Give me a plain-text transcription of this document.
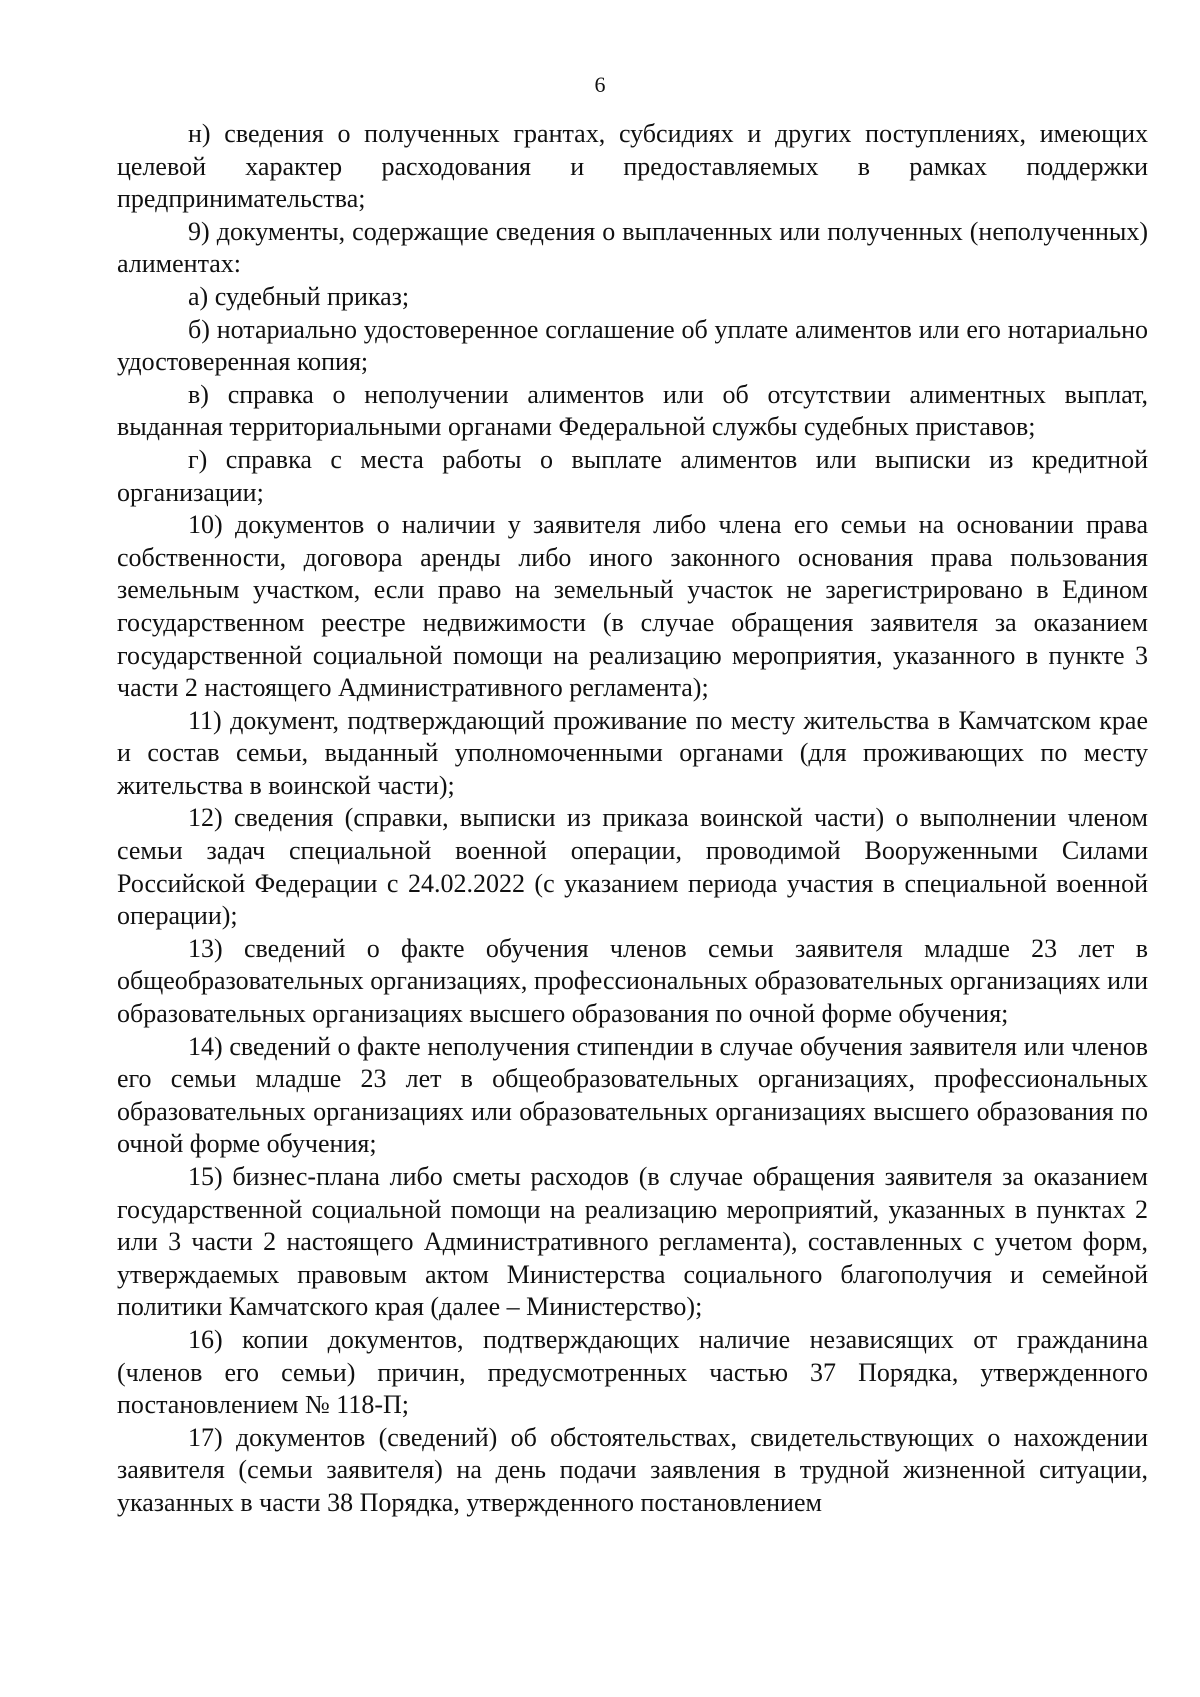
6

н) сведения о полученных грантах, субсидиях и других поступлениях, имеющих целевой характер расходования и предоставляемых в рамках поддержки предпринимательства;

9) документы, содержащие сведения о выплаченных или полученных (неполученных) алиментах:

а) судебный приказ;

б) нотариально удостоверенное соглашение об уплате алиментов или его нотариально удостоверенная копия;

в) справка о неполучении алиментов или об отсутствии алиментных выплат, выданная территориальными органами Федеральной службы судебных приставов;

г) справка с места работы о выплате алиментов или выписки из кредитной организации;

10) документов о наличии у заявителя либо члена его семьи на основании права собственности, договора аренды либо иного законного основания права пользования земельным участком, если право на земельный участок не зарегистрировано в Едином государственном реестре недвижимости (в случае обращения заявителя за оказанием государственной социальной помощи на реализацию мероприятия, указанного в пункте 3 части 2 настоящего Административного регламента);

11) документ, подтверждающий проживание по месту жительства в Камчатском крае и состав семьи, выданный уполномоченными органами (для проживающих по месту жительства в воинской части);

12) сведения (справки, выписки из приказа воинской части) о выполнении членом семьи задач специальной военной операции, проводимой Вооруженными Силами Российской Федерации с 24.02.2022 (с указанием периода участия в специальной военной операции);

13) сведений о факте обучения членов семьи заявителя младше 23 лет в общеобразовательных организациях, профессиональных образовательных организациях или образовательных организациях высшего образования по очной форме обучения;

14) сведений о факте неполучения стипендии в случае обучения заявителя или членов его семьи младше 23 лет в общеобразовательных организациях, профессиональных образовательных организациях или образовательных организациях высшего образования по очной форме обучения;

15) бизнес-плана либо сметы расходов (в случае обращения заявителя за оказанием государственной социальной помощи на реализацию мероприятий, указанных в пунктах 2 или 3 части 2 настоящего Административного регламента), составленных с учетом форм, утверждаемых правовым актом Министерства социального благополучия и семейной политики Камчатского края (далее – Министерство);

16) копии документов, подтверждающих наличие независящих от гражданина (членов его семьи) причин, предусмотренных частью 37 Порядка, утвержденного постановлением № 118-П;

17) документов (сведений) об обстоятельствах, свидетельствующих о нахождении заявителя (семьи заявителя) на день подачи заявления в трудной жизненной ситуации, указанных в части 38 Порядка, утвержденного постановлением
